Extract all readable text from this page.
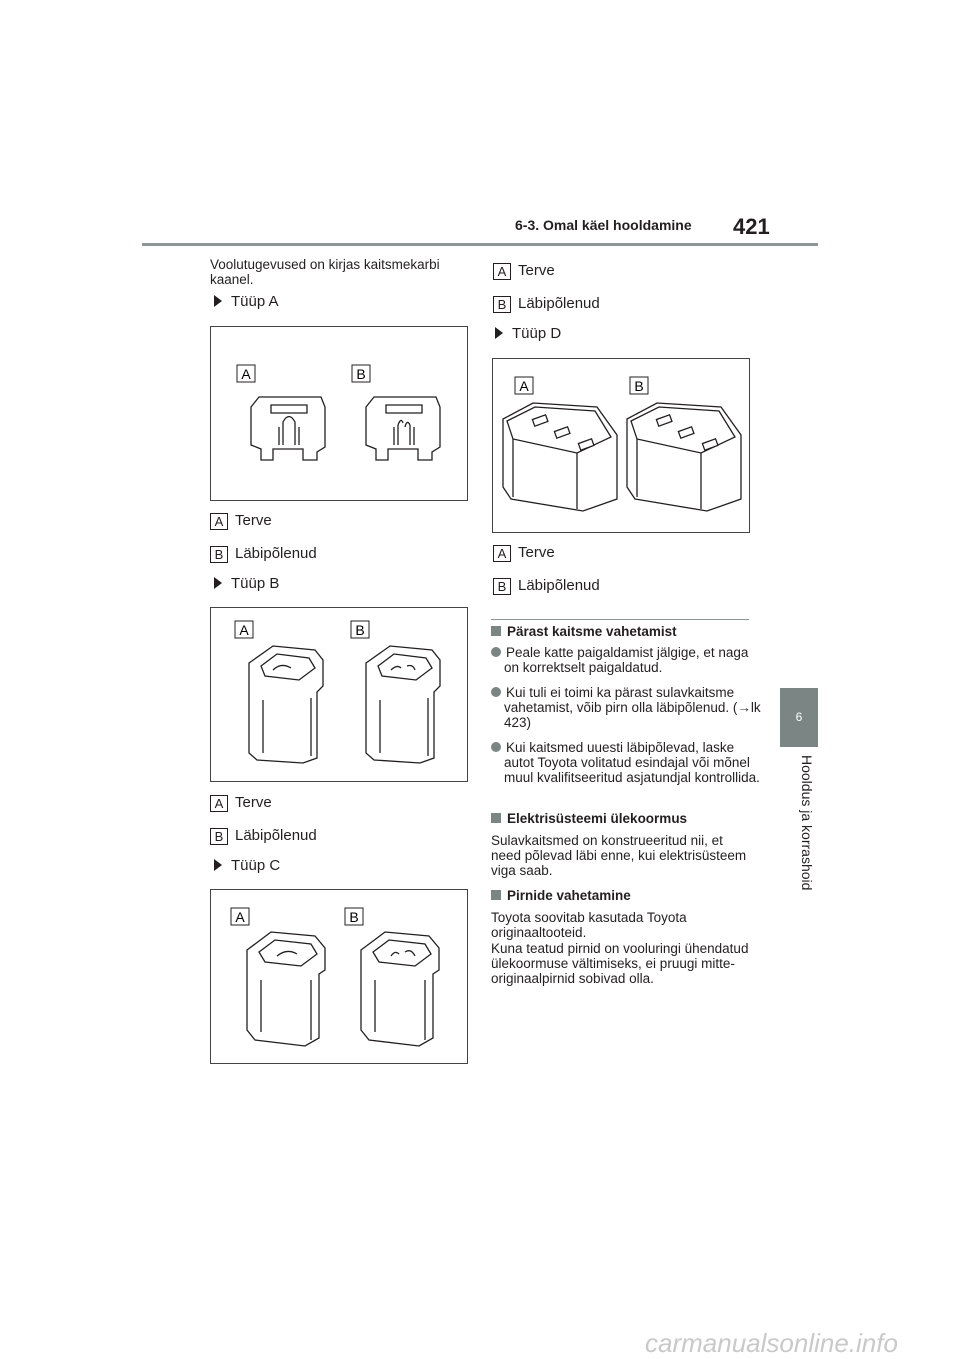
6-3. Omal käel hooldamine 421
6
Hooldus ja korrashoid
Voolutugevused on kirjas kaitsmekarbi kaanel.
Tüüp A
A	B
A Terve
B Läbipõlenud
Tüüp B
A	B
A Terve
B Läbipõlenud
Tüüp C
A	B
A Terve
B Läbipõlenud
Tüüp D
A	B
A Terve
B Läbipõlenud
Pärast kaitsme vahetamist
Peale katte paigaldamist jälgige, et naga on korrektselt paigaldatud.
Kui tuli ei toimi ka pärast sulavkaitsme vahetamist, võib pirn olla läbipõlenud. (→lk 423)
Kui kaitsmed uuesti läbipõlevad, laske autot Toyota volitatud esindajal või mõnel muul kvalifitseeritud asjatundjal kontrollida.
Elektrisüsteemi ülekoormus
Sulavkaitsmed on konstrueeritud nii, et need põlevad läbi enne, kui elektrisüsteem viga saab.
Pirnide vahetamine
Toyota soovitab kasutada Toyota originaaltooteid.
Kuna teatud pirnid on vooluringi ühendatud ülekoormuse vältimiseks, ei pruugi mitte-originaalpirnid sobivad olla.
carmanualsonline.info
